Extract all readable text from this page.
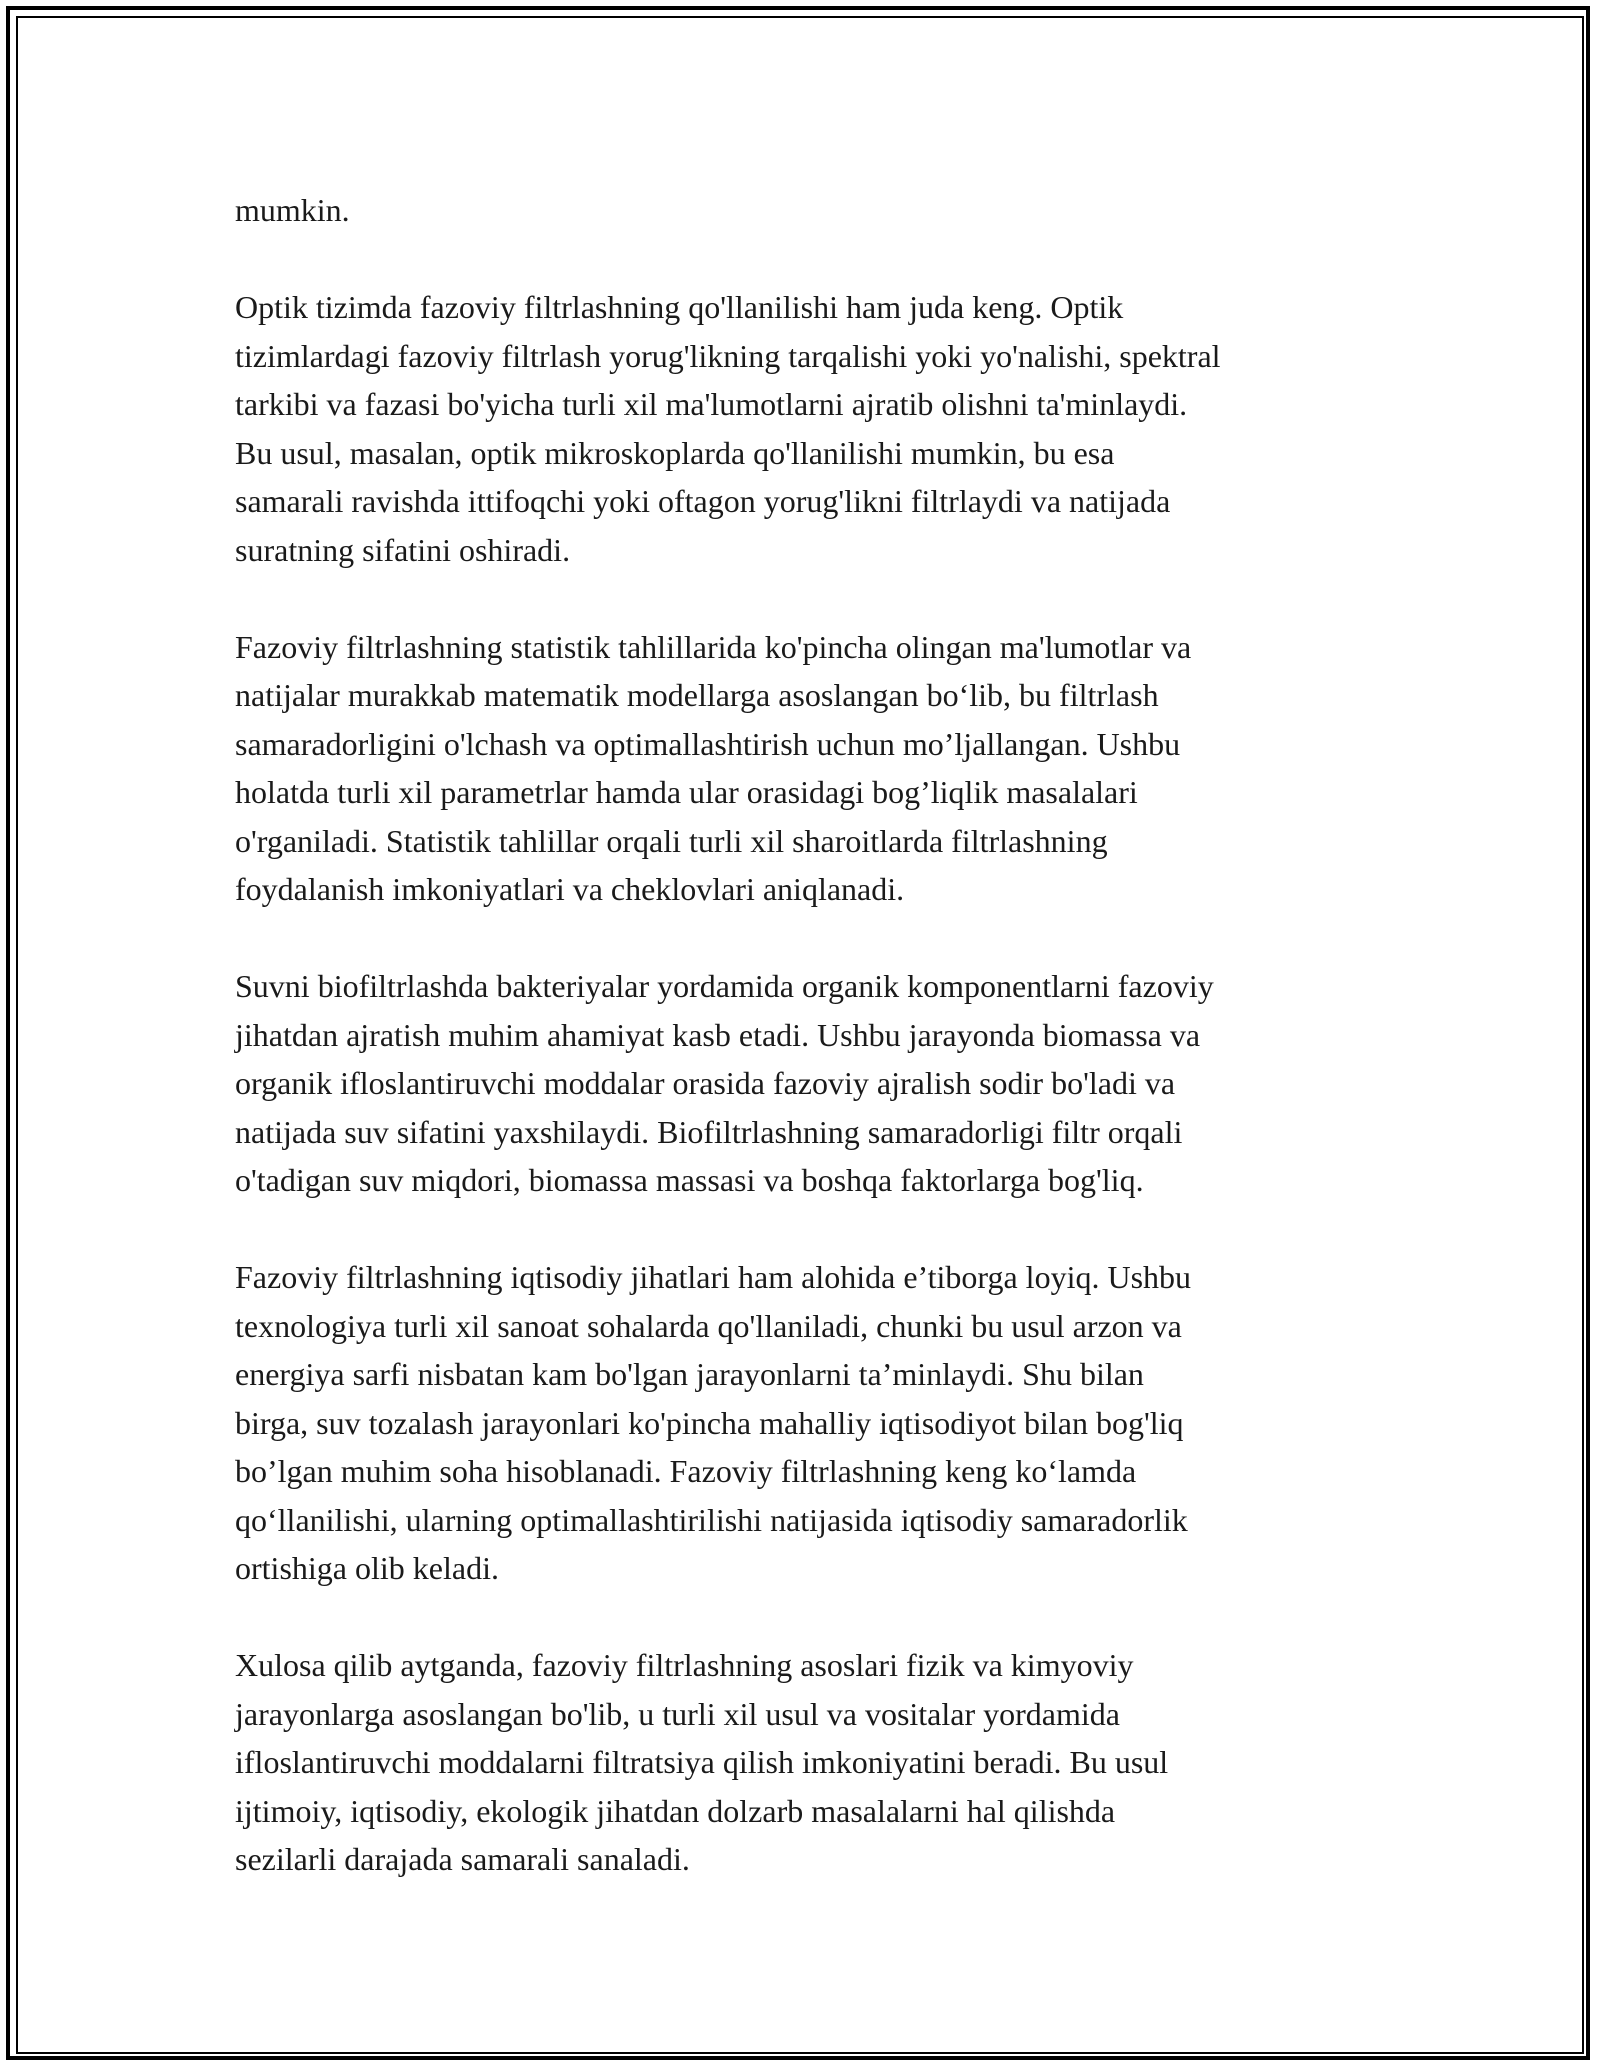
mumkin.

Optik tizimda fazoviy filtrlashning qo'llanilishi ham juda keng. Optik
tizimlardagi fazoviy filtrlash yorug'likning tarqalishi yoki yo'nalishi, spektral
tarkibi va fazasi bo'yicha turli xil ma'lumotlarni ajratib olishni ta'minlaydi.
Bu usul, masalan, optik mikroskoplarda qo'llanilishi mumkin, bu esa
samarali ravishda ittifoqchi yoki oftagon yorug'likni filtrlaydi va natijada
suratning sifatini oshiradi.

Fazoviy filtrlashning statistik tahlillarida ko'pincha olingan ma'lumotlar va
natijalar murakkab matematik modellarga asoslangan bo‘lib, bu filtrlash
samaradorligini o'lchash va optimallashtirish uchun mo’ljallangan. Ushbu
holatda turli xil parametrlar hamda ular orasidagi bog’liqlik masalalari
o'rganiladi. Statistik tahlillar orqali turli xil sharoitlarda filtrlashning
foydalanish imkoniyatlari va cheklovlari aniqlanadi.

Suvni biofiltrlashda bakteriyalar yordamida organik komponentlarni fazoviy
jihatdan ajratish muhim ahamiyat kasb etadi. Ushbu jarayonda biomassa va
organik ifloslantiruvchi moddalar orasida fazoviy ajralish sodir bo'ladi va
natijada suv sifatini yaxshilaydi. Biofiltrlashning samaradorligi filtr orqali
o'tadigan suv miqdori, biomassa massasi va boshqa faktorlarga bog'liq.

Fazoviy filtrlashning iqtisodiy jihatlari ham alohida e’tiborga loyiq. Ushbu
texnologiya turli xil sanoat sohalarda qo'llaniladi, chunki bu usul arzon va
energiya sarfi nisbatan kam bo'lgan jarayonlarni ta’minlaydi. Shu bilan
birga, suv tozalash jarayonlari ko'pincha mahalliy iqtisodiyot bilan bog'liq
bo’lgan muhim soha hisoblanadi. Fazoviy filtrlashning keng ko‘lamda
qo‘llanilishi, ularning optimallashtirilishi natijasida iqtisodiy samaradorlik
ortishiga olib keladi.

Xulosa qilib aytganda, fazoviy filtrlashning asoslari fizik va kimyoviy
jarayonlarga asoslangan bo'lib, u turli xil usul va vositalar yordamida
ifloslantiruvchi moddalarni filtratsiya qilish imkoniyatini beradi. Bu usul
ijtimoiy, iqtisodiy, ekologik jihatdan dolzarb masalalarni hal qilishda
sezilarli darajada samarali sanaladi.
